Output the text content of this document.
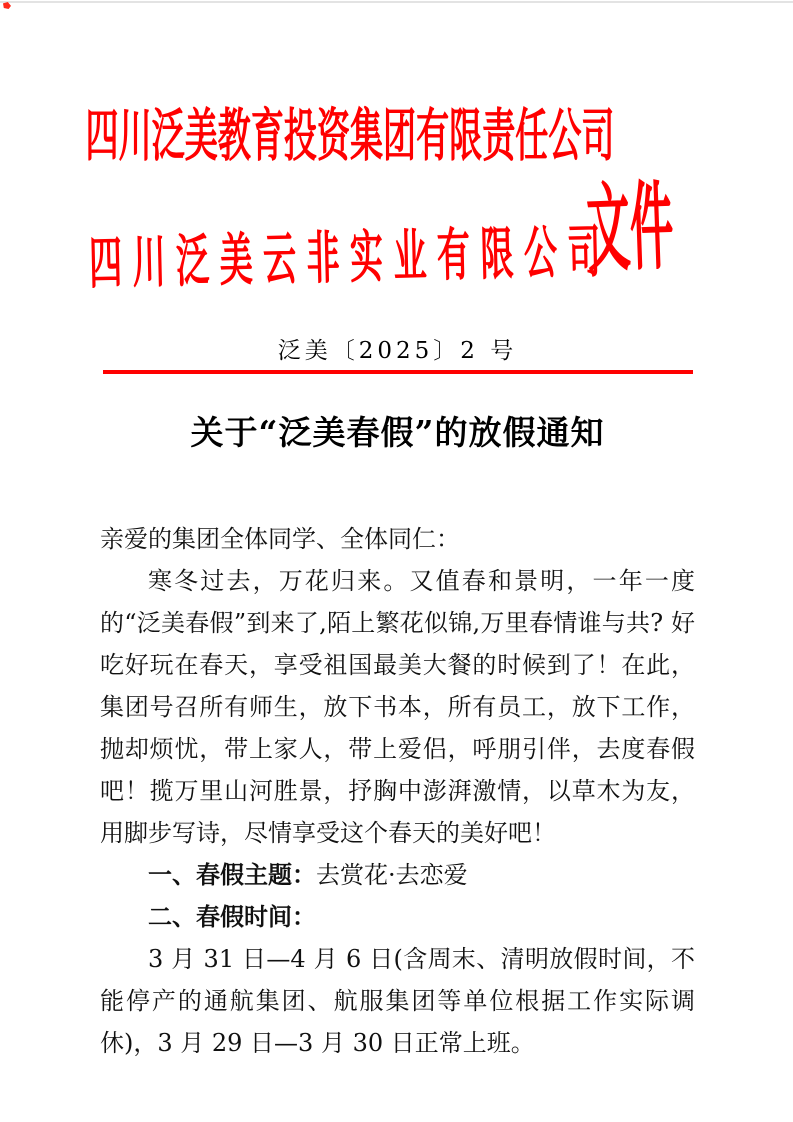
四川泛美教育投资集团有限责任公司
四川泛美云非实业有限公司
文件
泛美〔2025〕2 号
关于“泛美春假”的放假通知

亲爱的集团全体同学、全体同仁：

寒冬过去，万花归来。又值春和景明，一年一度的“泛美春假”到来了,陌上繁花似锦,万里春情谁与共? 好吃好玩在春天，享受祖国最美大餐的时候到了！在此，集团号召所有师生，放下书本，所有员工，放下工作，抛却烦忧，带上家人，带上爱侣，呼朋引伴，去度春假吧！揽万里山河胜景，抒胸中澎湃激情，以草木为友，用脚步写诗，尽情享受这个春天的美好吧！

一、春假主题：去赏花·去恋爱

二、春假时间：

3 月 31 日—4 月 6 日(含周末、清明放假时间，不能停产的通航集团、航服集团等单位根据工作实际调休)，3 月 29 日—3 月 30 日正常上班。
